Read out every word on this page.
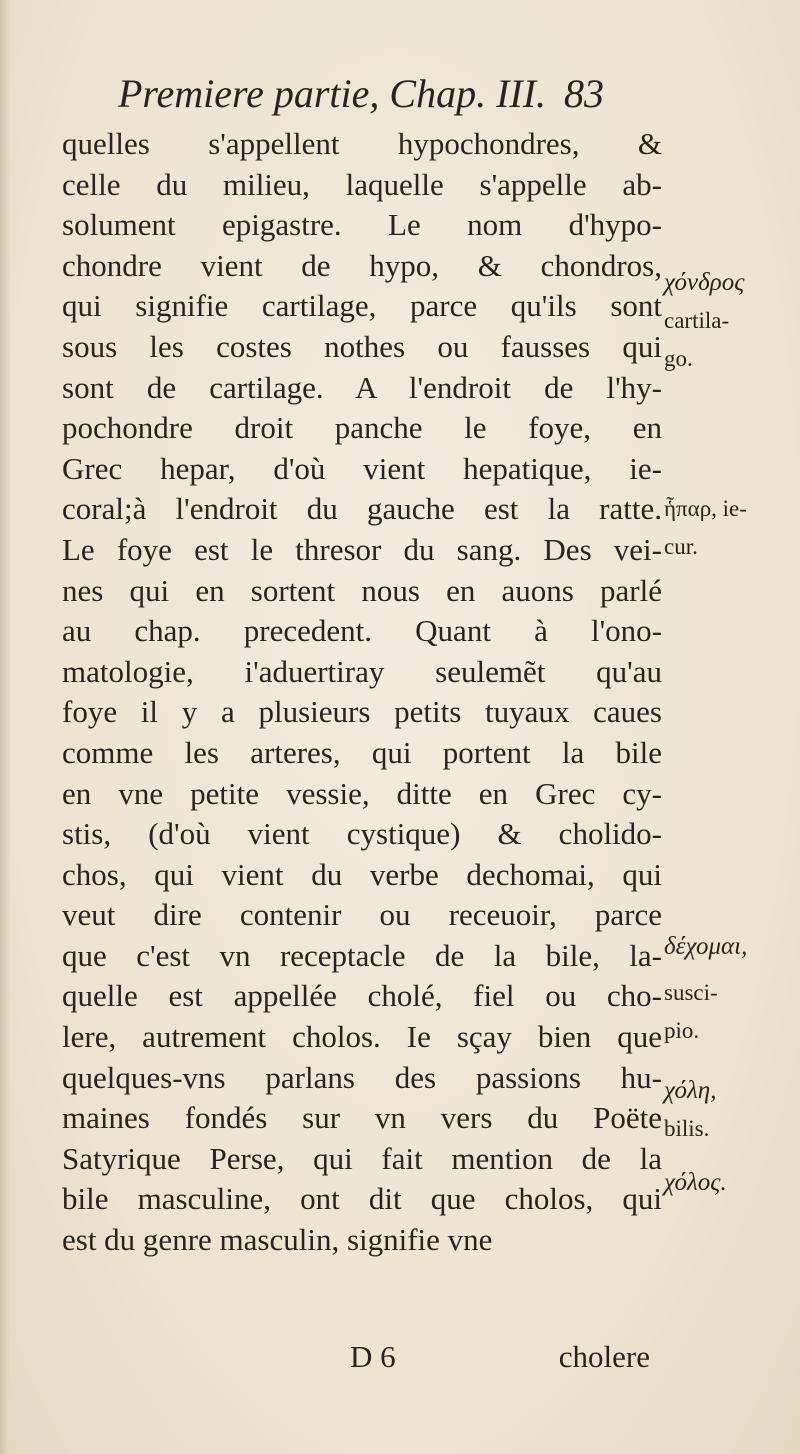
Premiere partie, Chap. III. 83
quelles s'appellent hypochondres, &
celle du milieu, laquelle s'appelle ab-
solument epigastre. Le nom d'hypo-
chondre vient de hypo, & chondros,
qui signifie cartilage, parce qu'ils sont
sous les costes nothes ou fausses qui
sont de cartilage. A l'endroit de l'hy-
pochondre droit panche le foye, en
Grec hepar, d'où vient hepatique, ie-
coral;à l'endroit du gauche est la ratte.
Le foye est le thresor du sang. Des vei-
nes qui en sortent nous en auons parlé
au chap. precedent. Quant à l'ono-
matologie, i'aduertiray seulemẽt qu'au
foye il y a plusieurs petits tuyaux caues
comme les arteres, qui portent la bile
en vne petite vessie, ditte en Grec cy-
stis, (d'où vient cystique) & cholido-
chos, qui vient du verbe dechomai, qui
veut dire contenir ou receuoir, parce
que c'est vn receptacle de la bile, la-
quelle est appellée cholé, fiel ou cho-
lere, autrement cholos. Ie sçay bien que
quelques-vns parlans des passions hu-
maines fondés sur vn vers du Poëte
Satyrique Perse, qui fait mention de la
bile masculine, ont dit que cholos, qui
est du genre masculin, signifie vne
D 6	cholere
χόνδρος
cartila-
go.
ἧπαρ, ie-
cur.
δέχομαι,
susci-
pio.
χόλη,
bilis.
χόλος.
